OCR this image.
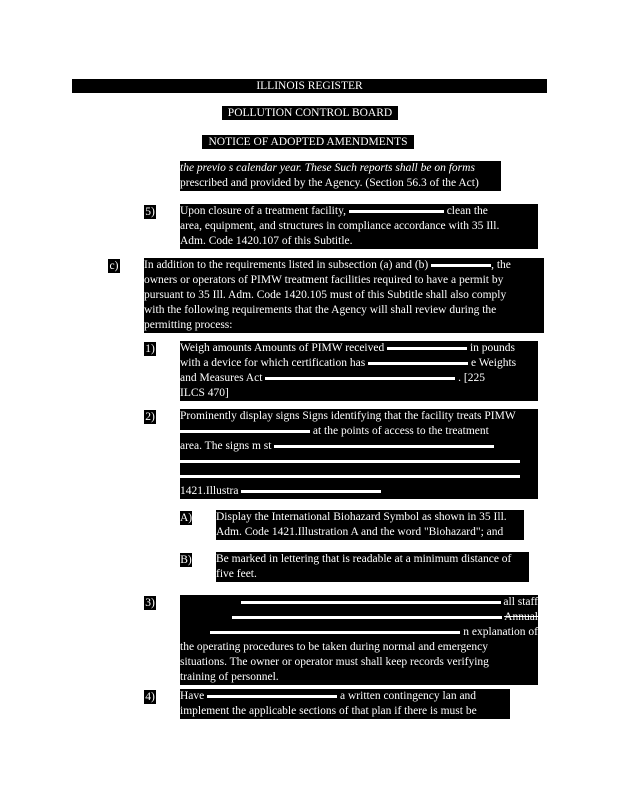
ILLINOIS REGISTER
POLLUTION CONTROL BOARD
NOTICE OF ADOPTED AMENDMENTS
the previo s calendar year. These Such reports shall be on forms
prescribed and provided by the Agency. (Section 56.3 of the Act)
5) Upon closure of a treatment facility,	clean the
area, equipment, and structures in compliance accordance with 35 Ill.
Adm. Code 1420.107 of this Subtitle.
c) In addition to the requirements listed in subsection (a) and (b)	, the
owners or operators of PIMW treatment facilities required to have a permit by
pursuant to 35 Ill. Adm. Code 1420.105 must of this Subtitle shall also comply
with the following requirements that the Agency will shall review during the
permitting process:
1) Weigh amounts Amounts of PIMW received	in pounds
with a device for which certification has	e Weights
and Measures Act	. [225
ILCS 470]
2) Prominently display signs Signs identifying that the facility treats PIMW
at the points of access to the treatment
area. The signs m st
1421.Illustra
A) Display the International Biohazard Symbol as shown in 35 Ill.
Adm. Code 1421.Illustration A and the word "Biohazard"; and
B) Be marked in lettering that is readable at a minimum distance of
five feet.
3)	all staff
Annual
n explanation of
the operating procedures to be taken during normal and emergency
situations. The owner or operator must shall keep records verifying
training of personnel.
4) Have	a written contingency lan and
implement the applicable sections of that plan if there is must be
